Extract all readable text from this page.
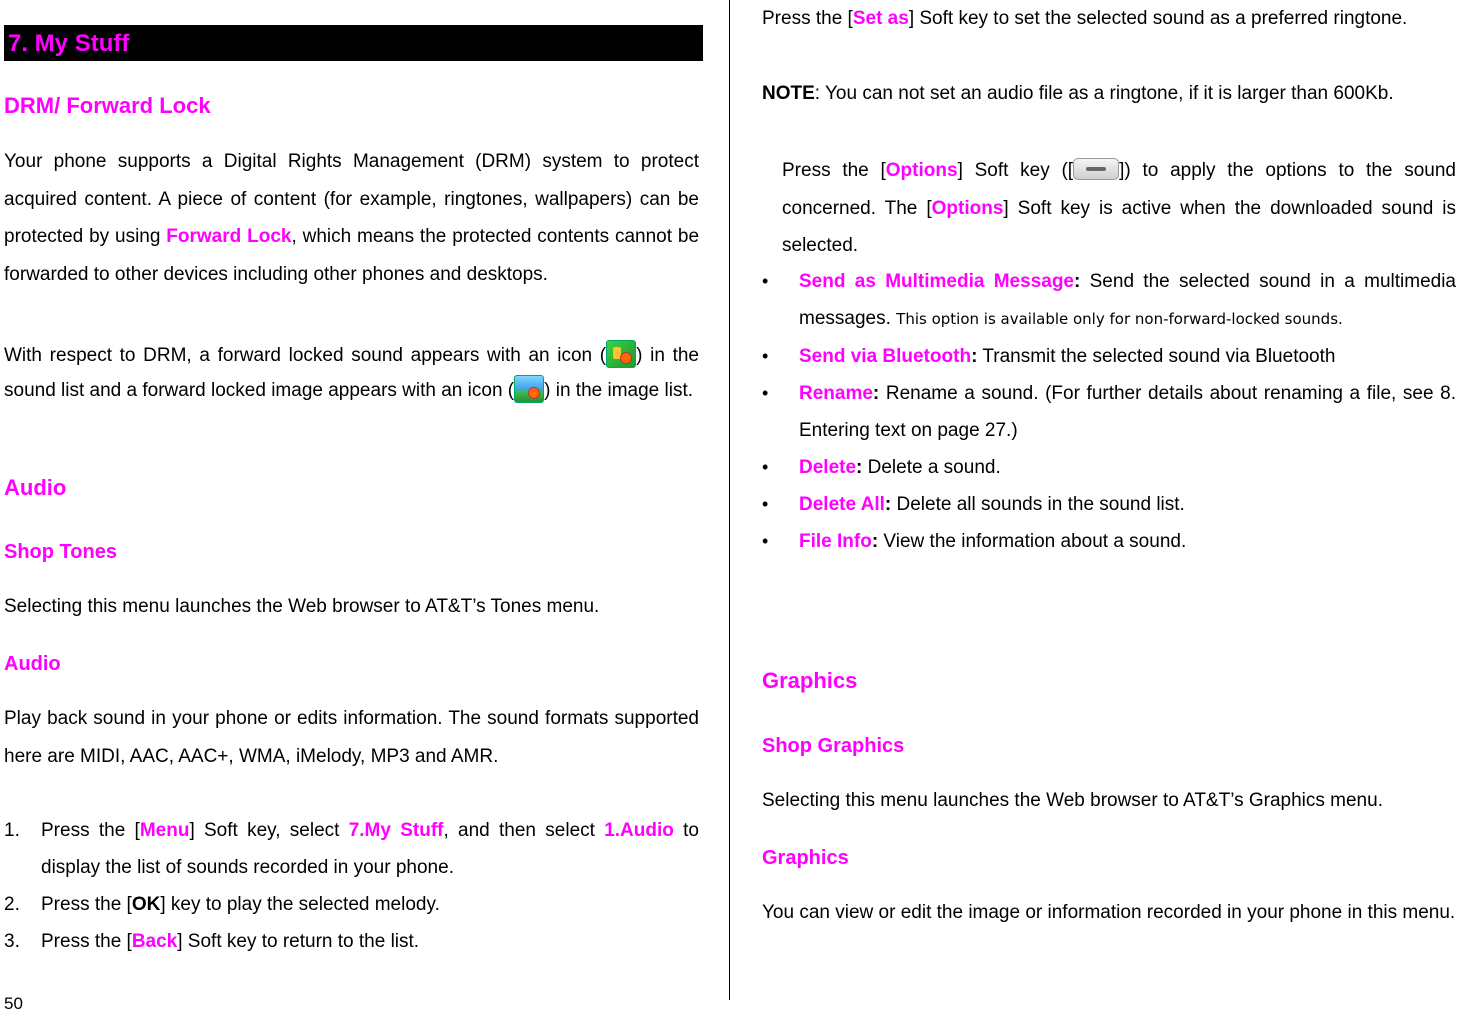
7. My Stuff
DRM/ Forward Lock
Your phone supports a Digital Rights Management (DRM) system to protect acquired content. A piece of content (for example, ringtones, wallpapers) can be protected by using Forward Lock, which means the protected contents cannot be forwarded to other devices including other phones and desktops.
With respect to DRM, a forward locked sound appears with an icon ( ) in the sound list and a forward locked image appears with an icon ( ) in the image list.
Audio
Shop Tones
Selecting this menu launches the Web browser to AT&T’s Tones menu.
Audio
Play back sound in your phone or edits information. The sound formats supported here are MIDI, AAC, AAC+, WMA, iMelody, MP3 and AMR.
1. Press the [Menu] Soft key, select 7.My Stuff, and then select 1.Audio to display the list of sounds recorded in your phone.
2. Press the [OK] key to play the selected melody.
3. Press the [Back] Soft key to return to the list.
50
Press the [Set as] Soft key to set the selected sound as a preferred ringtone.
NOTE: You can not set an audio file as a ringtone, if it is larger than 600Kb.
Press the [Options] Soft key ([ ]) to apply the options to the sound concerned. The [Options] Soft key is active when the downloaded sound is selected.
• Send as Multimedia Message: Send the selected sound in a multimedia messages. This option is available only for non-forward-locked sounds.
• Send via Bluetooth: Transmit the selected sound via Bluetooth
• Rename: Rename a sound. (For further details about renaming a file, see 8. Entering text on page 27.)
• Delete: Delete a sound.
• Delete All: Delete all sounds in the sound list.
• File Info: View the information about a sound.
Graphics
Shop Graphics
Selecting this menu launches the Web browser to AT&T’s Graphics menu.
Graphics
You can view or edit the image or information recorded in your phone in this menu.
